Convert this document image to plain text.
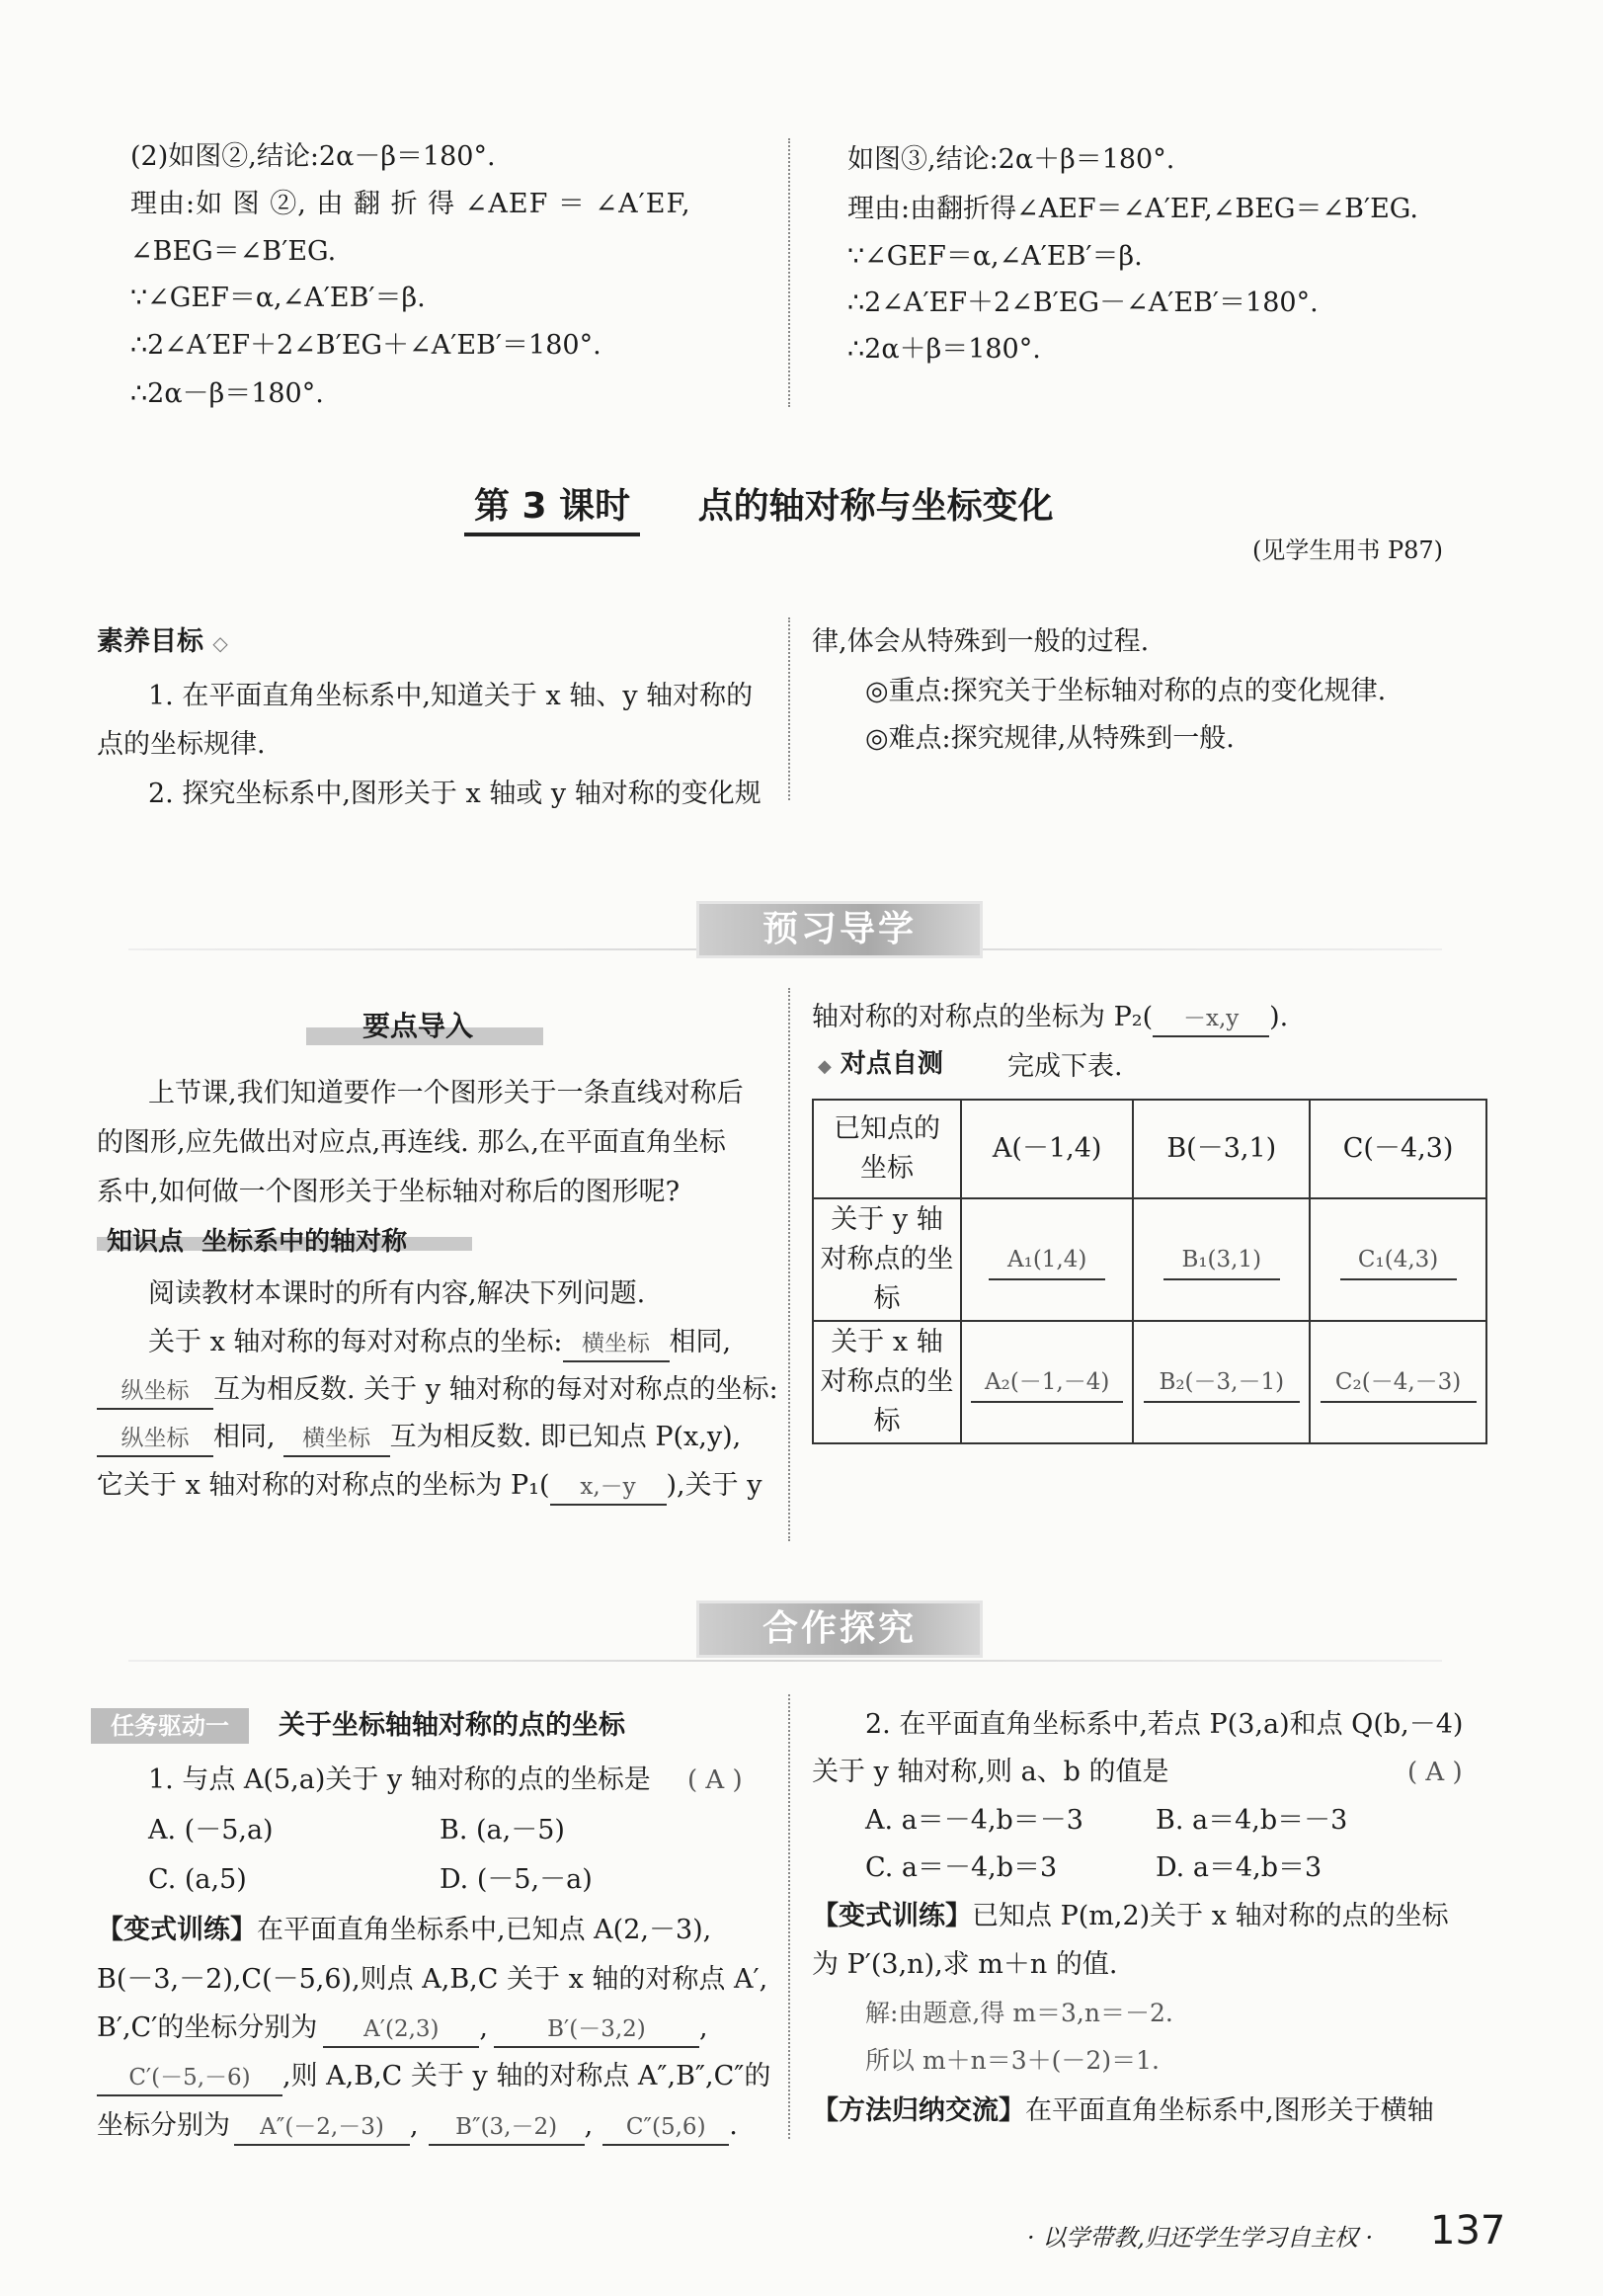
(2)如图②,结论:2α－β＝180°.
理由:如 图 ②, 由 翻 折 得 ∠AEF ＝ ∠A′EF,
∠BEG＝∠B′EG.
∵∠GEF＝α,∠A′EB′＝β.
∴2∠A′EF＋2∠B′EG＋∠A′EB′＝180°.
∴2α－β＝180°.
如图③,结论:2α＋β＝180°.
理由:由翻折得∠AEF＝∠A′EF,∠BEG＝∠B′EG.
∵∠GEF＝α,∠A′EB′＝β.
∴2∠A′EF＋2∠B′EG－∠A′EB′＝180°.
∴2α＋β＝180°.
第 3 课时 点的轴对称与坐标变化
(见学生用书 P87)
素养目标 ◇
1. 在平面直角坐标系中,知道关于 x 轴、y 轴对称的
点的坐标规律.
2. 探究坐标系中,图形关于 x 轴或 y 轴对称的变化规
律,体会从特殊到一般的过程.
◎重点:探究关于坐标轴对称的点的变化规律.
◎难点:探究规律,从特殊到一般.
预习导学
要点导入
上节课,我们知道要作一个图形关于一条直线对称后
的图形,应先做出对应点,再连线. 那么,在平面直角坐标
系中,如何做一个图形关于坐标轴对称后的图形呢?
知识点 坐标系中的轴对称
阅读教材本课时的所有内容,解决下列问题.
关于 x 轴对称的每对对称点的坐标: 横坐标 相同,
纵坐标 互为相反数. 关于 y 轴对称的每对对称点的坐标:
纵坐标 相同, 横坐标 互为相反数. 即已知点 P(x,y),
它关于 x 轴对称的对称点的坐标为 P₁( x,－y ),关于 y
轴对称的对称点的坐标为 P₂( －x,y ).
◆ 对点自测 完成下表.
已知点的坐标	A(－1,4)	B(－3,1)	C(－4,3)

关于 y 轴对称点的坐标	A₁(1,4)	B₁(3,1)	C₁(4,3)

关于 x 轴对称点的坐标	A₂(－1,－4)	B₂(－3,－1)	C₂(－4,－3)
合作探究
任务驱动一	关于坐标轴轴对称的点的坐标
1. 与点 A(5,a)关于 y 轴对称的点的坐标是 ( A )
A. (－5,a)	B. (a,－5)
C. (a,5)	D. (－5,－a)
【变式训练】在平面直角坐标系中,已知点 A(2,－3),
B(－3,－2),C(－5,6),则点 A,B,C 关于 x 轴的对称点 A′,
B′,C′的坐标分别为 A′(2,3) ,	B′(－3,2) ,
C′(－5,－6) ,则 A,B,C 关于 y 轴的对称点 A″,B″,C″的
坐标分别为 A″(－2,－3) , B″(3,－2) , C″(5,6) .
2. 在平面直角坐标系中,若点 P(3,a)和点 Q(b,－4)
关于 y 轴对称,则 a、b 的值是	( A )
A. a＝－4,b＝－3	B. a＝4,b＝－3
C. a＝－4,b＝3	D. a＝4,b＝3
【变式训练】已知点 P(m,2)关于 x 轴对称的点的坐标
为 P′(3,n),求 m＋n 的值.
解:由题意,得 m＝3,n＝－2.
所以 m＋n＝3＋(－2)＝1.
【方法归纳交流】在平面直角坐标系中,图形关于横轴
· 以学带教,归还学生学习自主权 · 137
